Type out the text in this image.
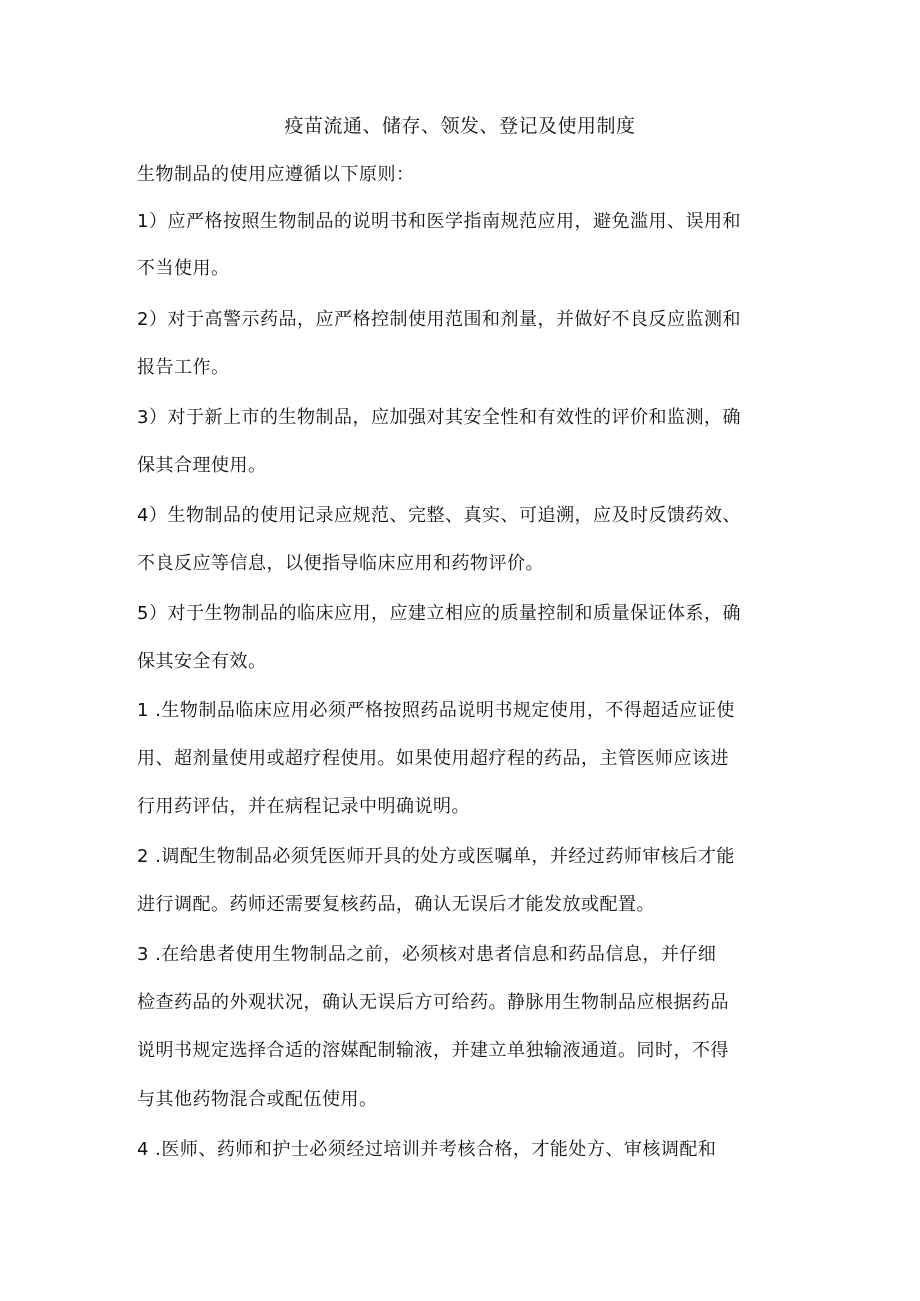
疫苗流通、储存、领发、登记及使用制度
生物制品的使用应遵循以下原则：
1）应严格按照生物制品的说明书和医学指南规范应用，避免滥用、误用和
不当使用。
2）对于高警示药品，应严格控制使用范围和剂量，并做好不良反应监测和
报告工作。
3）对于新上市的生物制品，应加强对其安全性和有效性的评价和监测，确
保其合理使用。
4）生物制品的使用记录应规范、完整、真实、可追溯，应及时反馈药效、
不良反应等信息，以便指导临床应用和药物评价。
5）对于生物制品的临床应用，应建立相应的质量控制和质量保证体系，确
保其安全有效。
1 .生物制品临床应用必须严格按照药品说明书规定使用，不得超适应证使
用、超剂量使用或超疗程使用。如果使用超疗程的药品，主管医师应该进
行用药评估，并在病程记录中明确说明。
2 .调配生物制品必须凭医师开具的处方或医嘱单，并经过药师审核后才能
进行调配。药师还需要复核药品，确认无误后才能发放或配置。
3 .在给患者使用生物制品之前，必须核对患者信息和药品信息，并仔细
检查药品的外观状况，确认无误后方可给药。静脉用生物制品应根据药品
说明书规定选择合适的溶媒配制输液，并建立单独输液通道。同时，不得
与其他药物混合或配伍使用。
4 .医师、药师和护士必须经过培训并考核合格，才能处方、审核调配和
